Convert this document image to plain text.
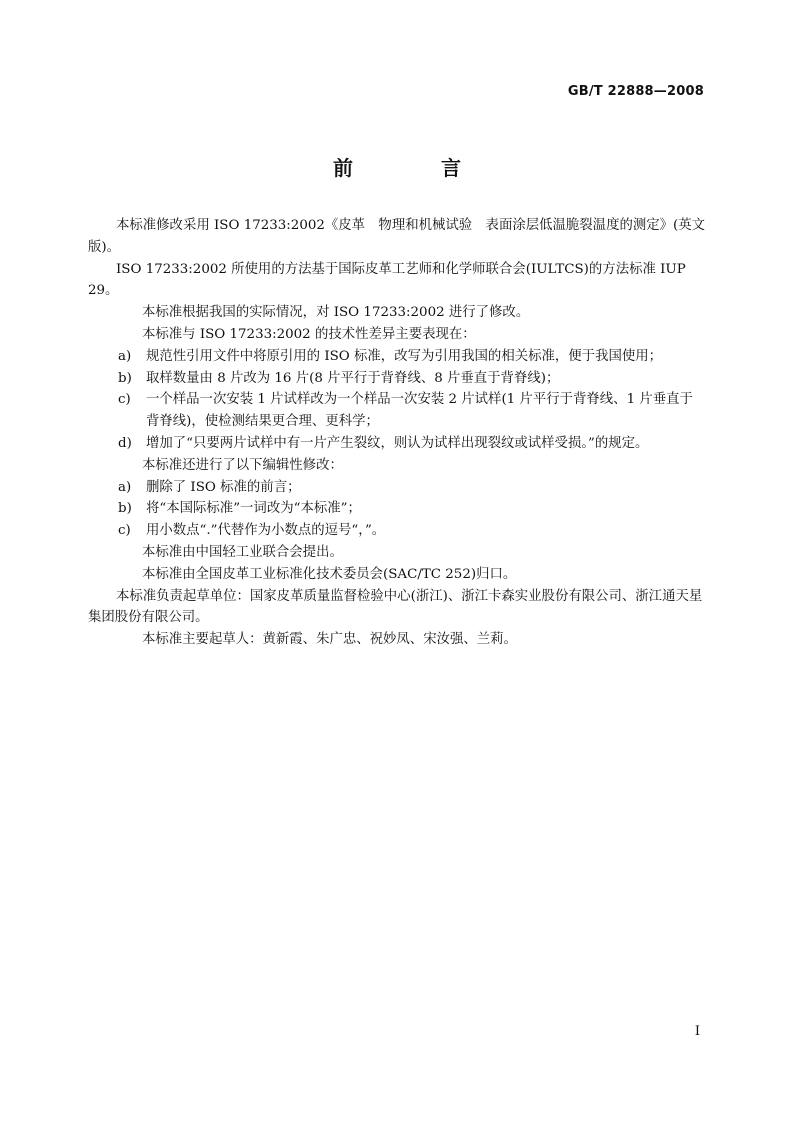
GB/T 22888—2008
前　言

本标准修改采用 ISO 17233:2002《皮革　物理和机械试验　表面涂层低温脆裂温度的测定》(英文版)。

ISO 17233:2002 所使用的方法基于国际皮革工艺师和化学师联合会(IULTCS)的方法标准 IUP 29。

本标准根据我国的实际情况，对 ISO 17233:2002 进行了修改。

本标准与 ISO 17233:2002 的技术性差异主要表现在：

a)	规范性引用文件中将原引用的 ISO 标准，改写为引用我国的相关标准，便于我国使用；
b)	取样数量由 8 片改为 16 片(8 片平行于背脊线、8 片垂直于背脊线)；
c)	一个样品一次安装 1 片试样改为一个样品一次安装 2 片试样(1 片平行于背脊线、1 片垂直于背脊线)，使检测结果更合理、更科学；
d)	增加了“只要两片试样中有一片产生裂纹，则认为试样出现裂纹或试样受损。”的规定。

本标准还进行了以下编辑性修改：

a)	删除了 ISO 标准的前言；
b)	将“本国际标准”一词改为“本标准”；
c)	用小数点“.”代替作为小数点的逗号“，”。

本标准由中国轻工业联合会提出。

本标准由全国皮革工业标准化技术委员会(SAC/TC 252)归口。

本标准负责起草单位：国家皮革质量监督检验中心(浙江)、浙江卡森实业股份有限公司、浙江通天星集团股份有限公司。

本标准主要起草人：黄新霞、朱广忠、祝妙凤、宋汝强、兰莉。

I
